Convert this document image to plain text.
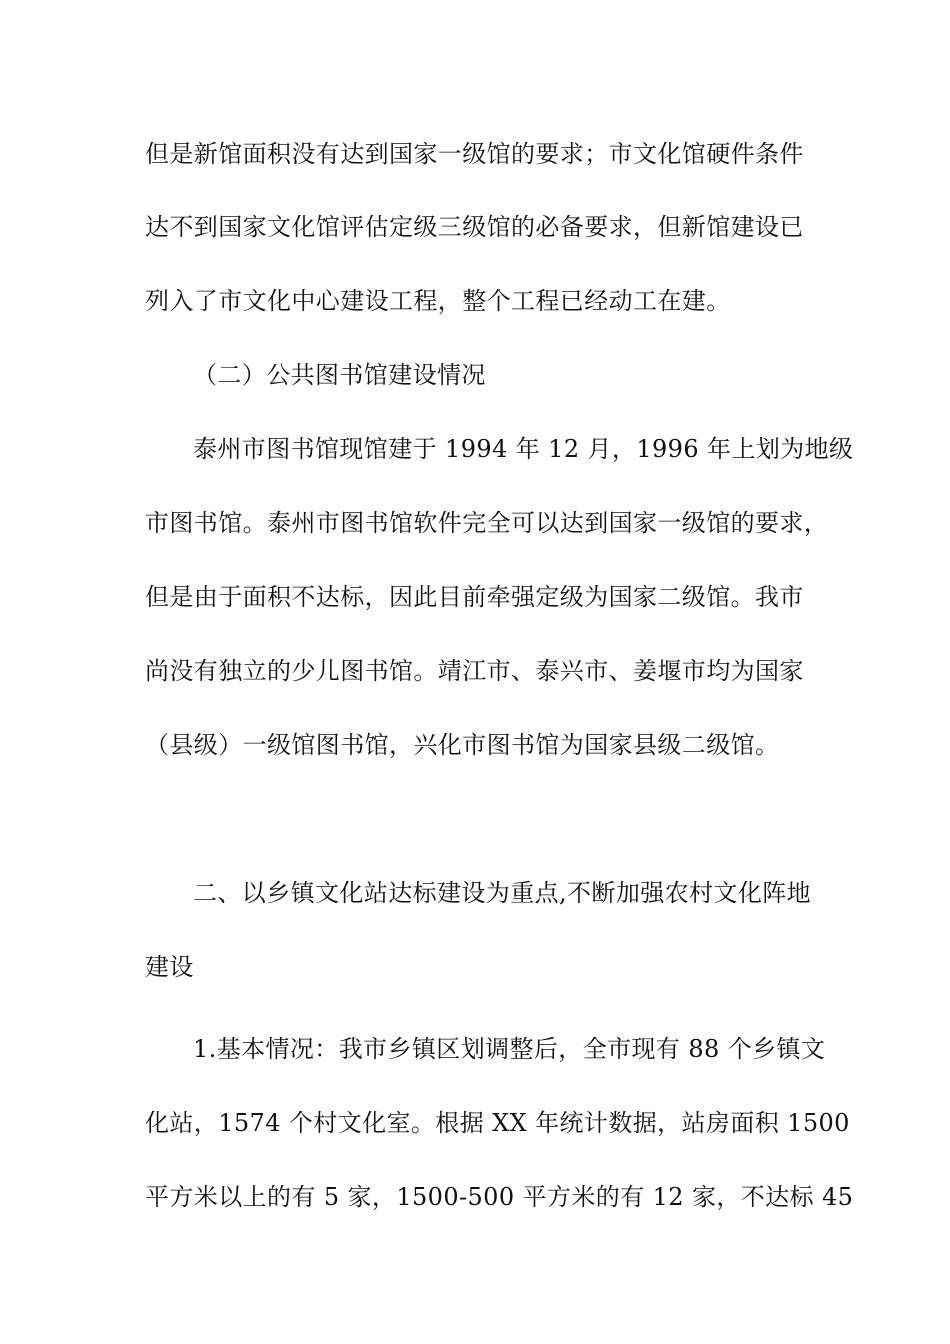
但是新馆面积没有达到国家一级馆的要求；市文化馆硬件条件
达不到国家文化馆评估定级三级馆的必备要求，但新馆建设已
列入了市文化中心建设工程，整个工程已经动工在建。
（二）公共图书馆建设情况
泰州市图书馆现馆建于 1994 年 12 月，1996 年上划为地级
市图书馆。泰州市图书馆软件完全可以达到国家一级馆的要求，
但是由于面积不达标，因此目前牵强定级为国家二级馆。我市
尚没有独立的少儿图书馆。靖江市、泰兴市、姜堰市均为国家
（县级）一级馆图书馆，兴化市图书馆为国家县级二级馆。
二、以乡镇文化站达标建设为重点,不断加强农村文化阵地
建设
1.基本情况：我市乡镇区划调整后，全市现有 88 个乡镇文
化站，1574 个村文化室。根据 XX 年统计数据，站房面积 1500
平方米以上的有 5 家，1500-500 平方米的有 12 家，不达标 45
